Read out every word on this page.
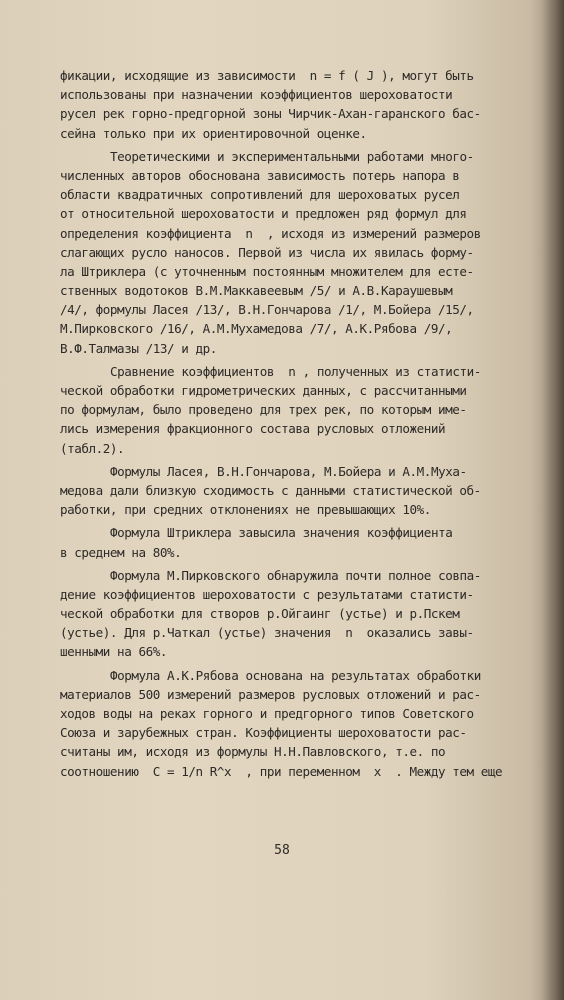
фикации, исходящие из зависимости  n = f ( J ), могут быть
использованы при назначении коэффициентов шероховатости
русел рек горно-предгорной зоны Чирчик-Ахан-гаранского бас-
сейна только при их ориентировочной оценке.
Теоретическими и экспериментальными работами много-
численных авторов обоснована зависимость потерь напора в
области квадратичных сопротивлений для шероховатых русел
от относительной шероховатости и предложен ряд формул для
определения коэффициента  n  , исходя из измерений размеров
слагающих русло наносов. Первой из числа их явилась форму-
ла Штриклера (с уточненным постоянным множителем для есте-
ственных водотоков В.М.Маккавеевым /5/ и А.В.Караушевым
/4/, формулы Ласея /13/, В.Н.Гончарова /1/, М.Бойера /15/,
М.Пирковского /16/, А.М.Мухамедова /7/, А.К.Рябова /9/,
В.Ф.Талмазы /13/ и др.
Сравнение коэффициентов  n , полученных из статисти-
ческой обработки гидрометрических данных, с рассчитанными
по формулам, было проведено для трех рек, по которым име-
лись измерения фракционного состава русловых отложений
(табл.2).
Формулы Ласея, В.Н.Гончарова, М.Бойера и А.М.Муха-
медова дали близкую сходимость с данными статистической об-
работки, при средних отклонениях не превышающих 10%.
Формула Штриклера завысила значения коэффициента
в среднем на 80%.
Формула М.Пирковского обнаружила почти полное совпа-
дение коэффициентов шероховатости с результатами статисти-
ческой обработки для створов р.Ойгаинг (устье) и р.Пскем
(устье). Для р.Чаткал (устье) значения  n  оказались завы-
шенными на 66%.
Формула А.К.Рябова основана на результатах обработки
материалов 500 измерений размеров русловых отложений и рас-
ходов воды на реках горного и предгорного типов Советского
Союза и зарубежных стран. Коэффициенты шероховатости рас-
считаны им, исходя из формулы Н.Н.Павловского, т.е. по
соотношению  C = 1/n R^x  , при переменном  x  . Между тем еще
58
